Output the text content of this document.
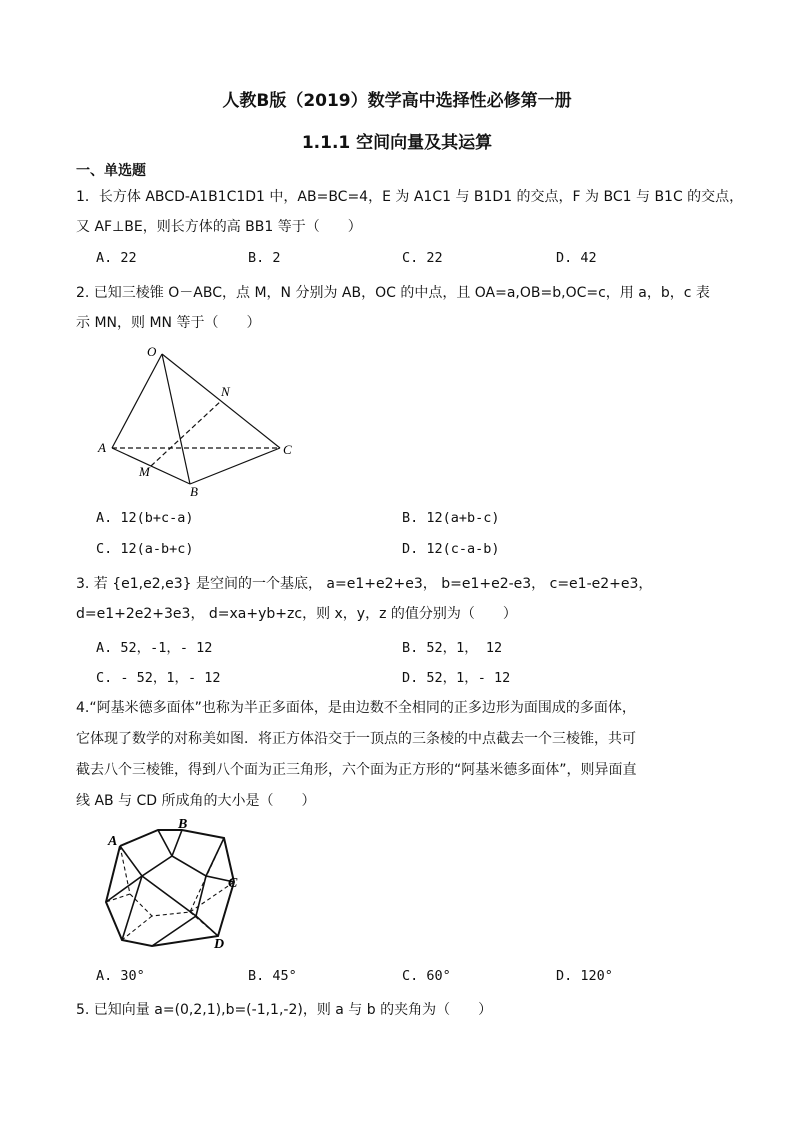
人教B版（2019）数学高中选择性必修第一册
1.1.1 空间向量及其运算
一、单选题
1．长方体 ABCD-A1B1C1D1 中，AB=BC=4，E 为 A1C1 与 B1D1 的交点，F 为 BC1 与 B1C 的交点，
又 AF⊥BE，则长方体的高 BB1 等于（　　）
A. 22	B. 2	C. 22	D. 42
2. 已知三棱锥 O－ABC，点 M，N 分别为 AB，OC 的中点，且 OA=a,OB=b,OC=c，用 a，b，c 表
示 MN，则 MN 等于（　　）
O
N
A	C
M
B
A. 12(b+c-a)	B. 12(a+b-c)
C. 12(a-b+c)	D. 12(c-a-b)
3. 若 {e1,e2,e3} 是空间的一个基底， a=e1+e2+e3， b=e1+e2-e3， c=e1-e2+e3，
d=e1+2e2+3e3， d=xa+yb+zc，则 x，y，z 的值分别为（　　）
A. 52，-1，- 12	B. 52，1， 12
C. - 52，1，- 12	D. 52，1，- 12
4.“阿基米德多面体”也称为半正多面体，是由边数不全相同的正多边形为面围成的多面体，
它体现了数学的对称美如图．将正方体沿交于一顶点的三条棱的中点截去一个三棱锥，共可
截去八个三棱锥，得到八个面为正三角形，六个面为正方形的“阿基米德多面体”，则异面直
线 AB 与 CD 所成角的大小是（　　）
A
B
C
D
A. 30°	B. 45°	C. 60°	D. 120°
5. 已知向量 a=(0,2,1),b=(-1,1,-2)，则 a 与 b 的夹角为（　　）
